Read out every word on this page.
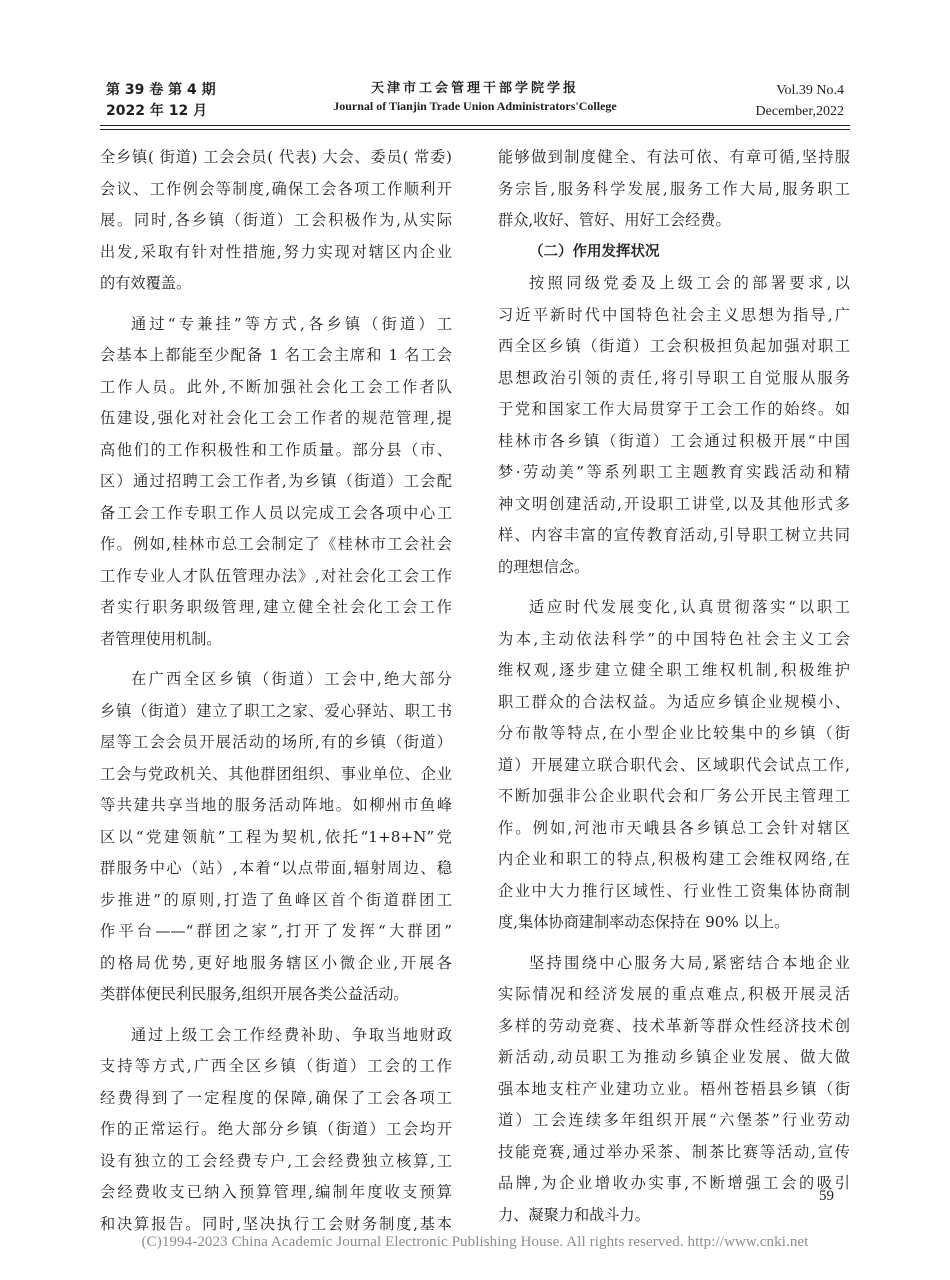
第 39 卷 第 4 期
2022 年 12 月
天津市工会管理干部学院学报
Journal of Tianjin Trade Union Administrators'College
Vol.39 No.4
December,2022
全乡镇( 街道) 工会会员( 代表) 大会、委员( 常委)
会议、工作例会等制度,确保工会各项工作顺利开
展。同时,各乡镇（街道）工会积极作为,从实际
出发,采取有针对性措施,努力实现对辖区内企业
的有效覆盖。
通过“专兼挂”等方式,各乡镇（街道）工
会基本上都能至少配备 1 名工会主席和 1 名工会
工作人员。此外,不断加强社会化工会工作者队
伍建设,强化对社会化工会工作者的规范管理,提
高他们的工作积极性和工作质量。部分县（市、
区）通过招聘工会工作者,为乡镇（街道）工会配
备工会工作专职工作人员以完成工会各项中心工
作。例如,桂林市总工会制定了《桂林市工会社会
工作专业人才队伍管理办法》,对社会化工会工作
者实行职务职级管理,建立健全社会化工会工作
者管理使用机制。
在广西全区乡镇（街道）工会中,绝大部分
乡镇（街道）建立了职工之家、爱心驿站、职工书
屋等工会会员开展活动的场所,有的乡镇（街道）
工会与党政机关、其他群团组织、事业单位、企业
等共建共享当地的服务活动阵地。如柳州市鱼峰
区以“党建领航”工程为契机,依托“1+8+N”党
群服务中心（站）,本着“以点带面,辐射周边、稳
步推进”的原则,打造了鱼峰区首个街道群团工
作平台——“群团之家”,打开了发挥“大群团”
的格局优势,更好地服务辖区小微企业,开展各
类群体便民利民服务,组织开展各类公益活动。
通过上级工会工作经费补助、争取当地财政
支持等方式,广西全区乡镇（街道）工会的工作
经费得到了一定程度的保障,确保了工会各项工
作的正常运行。绝大部分乡镇（街道）工会均开
设有独立的工会经费专户,工会经费独立核算,工
会经费收支已纳入预算管理,编制年度收支预算
和决算报告。同时,坚决执行工会财务制度,基本
能够做到制度健全、有法可依、有章可循,坚持服
务宗旨,服务科学发展,服务工作大局,服务职工
群众,收好、管好、用好工会经费。
（二）作用发挥状况
按照同级党委及上级工会的部署要求,以
习近平新时代中国特色社会主义思想为指导,广
西全区乡镇（街道）工会积极担负起加强对职工
思想政治引领的责任,将引导职工自觉服从服务
于党和国家工作大局贯穿于工会工作的始终。如
桂林市各乡镇（街道）工会通过积极开展“中国
梦·劳动美”等系列职工主题教育实践活动和精
神文明创建活动,开设职工讲堂,以及其他形式多
样、内容丰富的宣传教育活动,引导职工树立共同
的理想信念。
适应时代发展变化,认真贯彻落实“以职工
为本,主动依法科学”的中国特色社会主义工会
维权观,逐步建立健全职工维权机制,积极维护
职工群众的合法权益。为适应乡镇企业规模小、
分布散等特点,在小型企业比较集中的乡镇（街
道）开展建立联合职代会、区域职代会试点工作,
不断加强非公企业职代会和厂务公开民主管理工
作。例如,河池市天峨县各乡镇总工会针对辖区
内企业和职工的特点,积极构建工会维权网络,在
企业中大力推行区域性、行业性工资集体协商制
度,集体协商建制率动态保持在 90% 以上。
坚持围绕中心服务大局,紧密结合本地企业
实际情况和经济发展的重点难点,积极开展灵活
多样的劳动竞赛、技术革新等群众性经济技术创
新活动,动员职工为推动乡镇企业发展、做大做
强本地支柱产业建功立业。梧州苍梧县乡镇（街
道）工会连续多年组织开展“六堡茶”行业劳动
技能竞赛,通过举办采茶、制茶比赛等活动,宣传
品牌,为企业增收办实事,不断增强工会的吸引
力、凝聚力和战斗力。
59
(C)1994-2023 China Academic Journal Electronic Publishing House. All rights reserved. http://www.cnki.net
